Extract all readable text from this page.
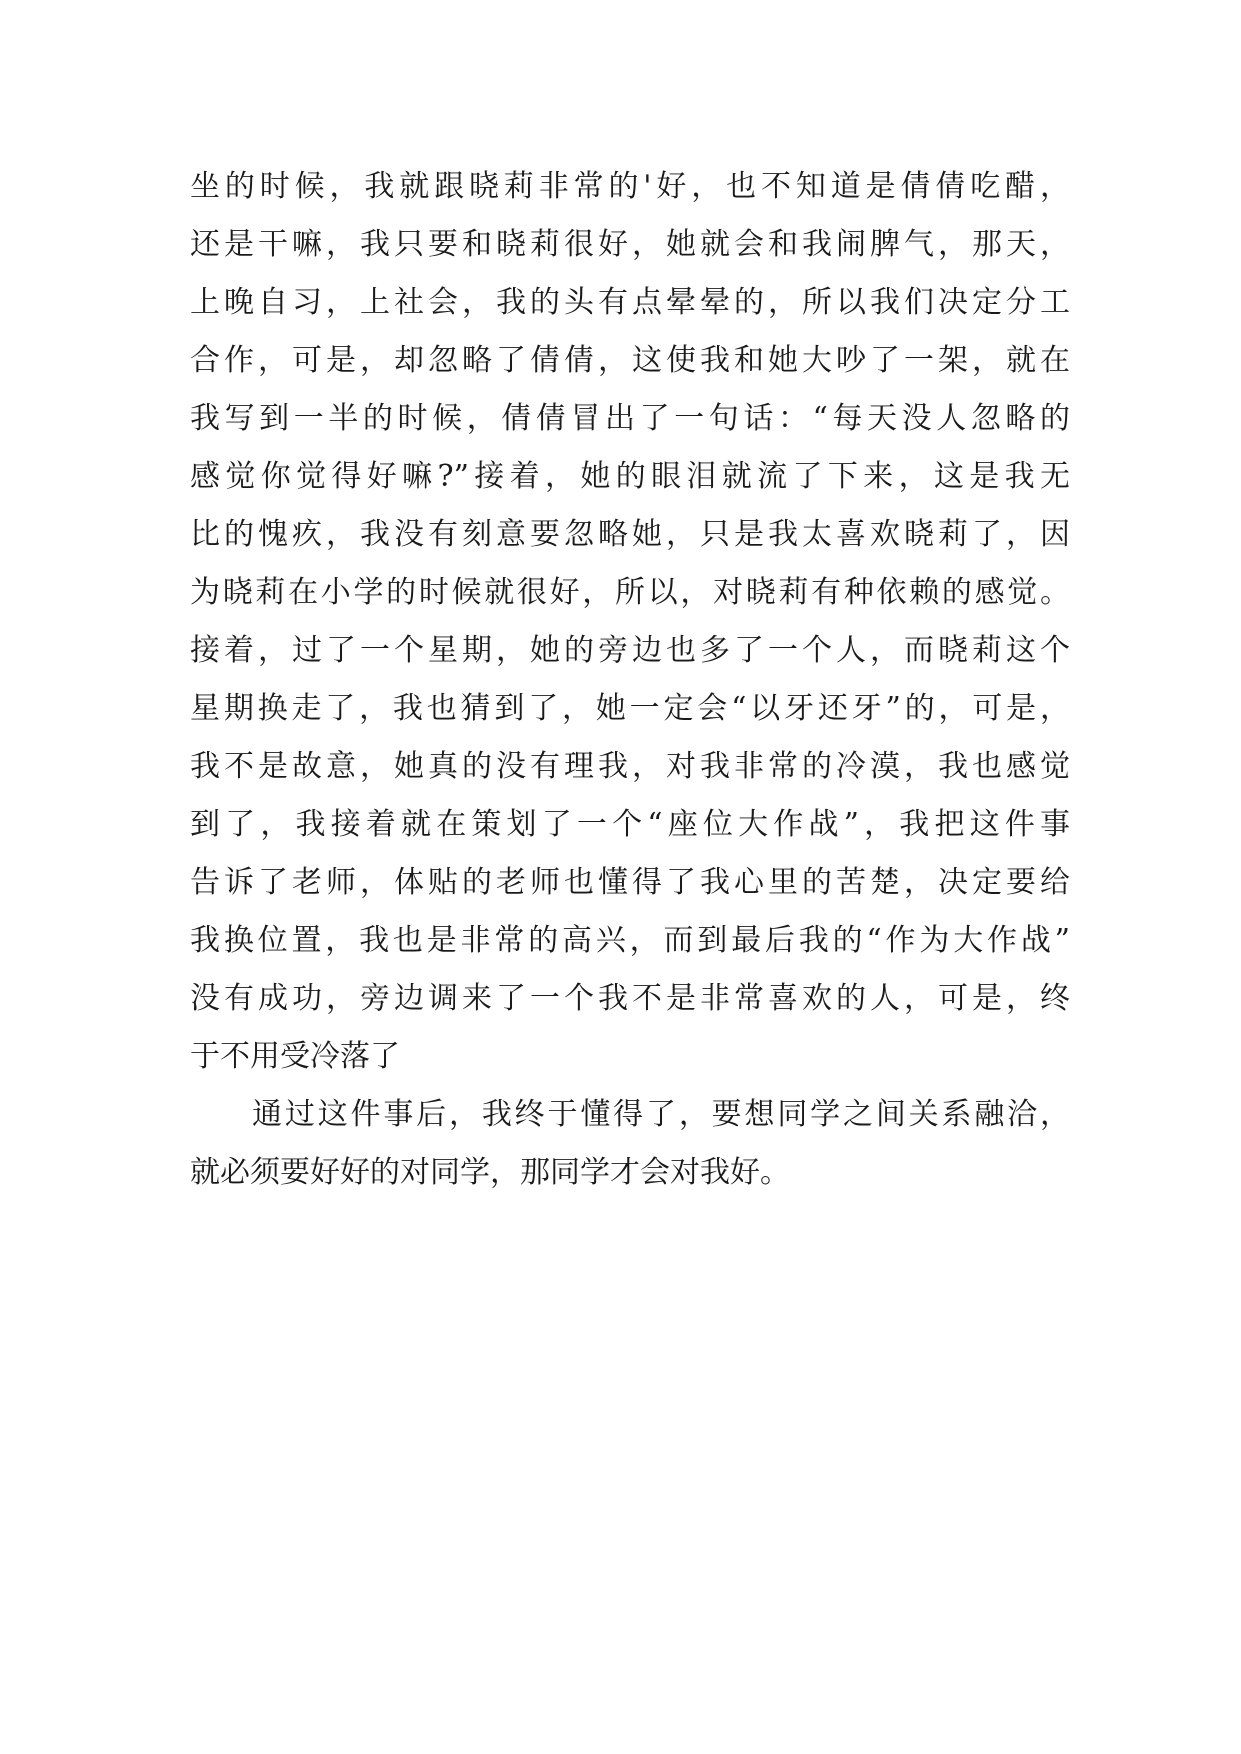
坐的时候，我就跟晓莉非常的'好，也不知道是倩倩吃醋，
还是干嘛，我只要和晓莉很好，她就会和我闹脾气，那天，
上晚自习，上社会，我的头有点晕晕的，所以我们决定分工
合作，可是，却忽略了倩倩，这使我和她大吵了一架，就在
我写到一半的时候，倩倩冒出了一句话：“每天没人忽略的
感觉你觉得好嘛?”接着，她的眼泪就流了下来，这是我无
比的愧疚，我没有刻意要忽略她，只是我太喜欢晓莉了，因
为晓莉在小学的时候就很好，所以，对晓莉有种依赖的感觉。
接着，过了一个星期，她的旁边也多了一个人，而晓莉这个
星期换走了，我也猜到了，她一定会“以牙还牙”的，可是，
我不是故意，她真的没有理我，对我非常的冷漠，我也感觉
到了，我接着就在策划了一个“座位大作战”，我把这件事
告诉了老师，体贴的老师也懂得了我心里的苦楚，决定要给
我换位置，我也是非常的高兴，而到最后我的“作为大作战”
没有成功，旁边调来了一个我不是非常喜欢的人，可是，终
于不用受冷落了
通过这件事后，我终于懂得了，要想同学之间关系融洽，
就必须要好好的对同学，那同学才会对我好。
